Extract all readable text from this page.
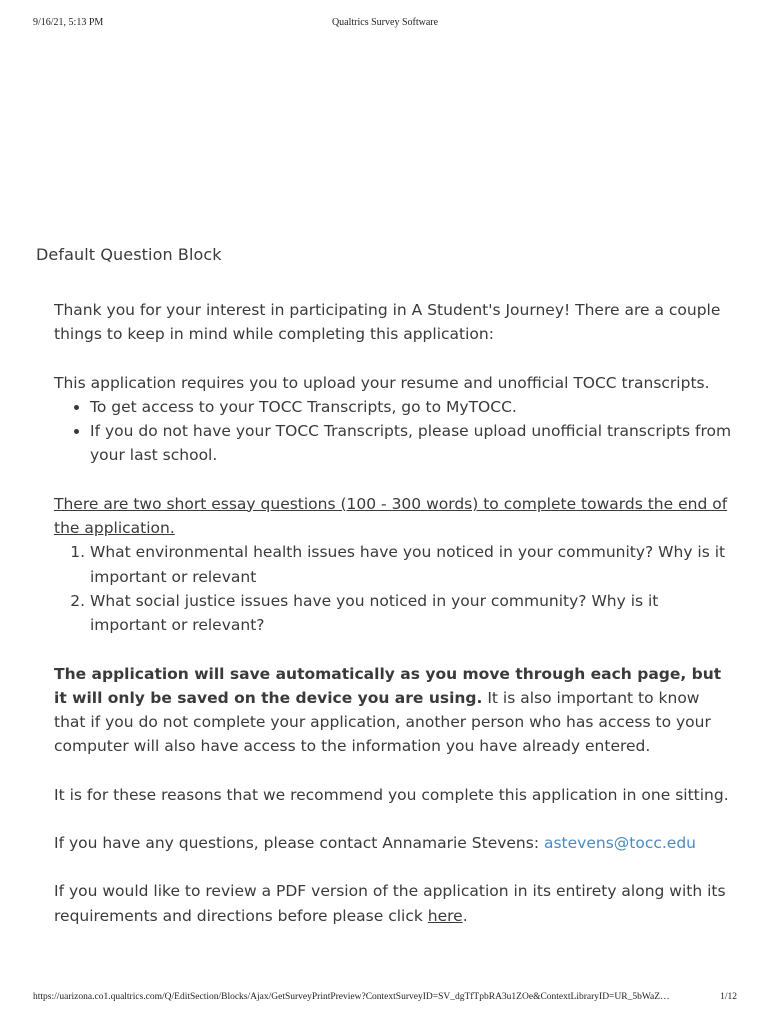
9/16/21, 5:13 PM	Qualtrics Survey Software
Default Question Block

Thank you for your interest in participating in A Student's Journey! There are a couple things to keep in mind while completing this application:

This application requires you to upload your resume and unofficial TOCC transcripts.

• To get access to your TOCC Transcripts, go to MyTOCC.
• If you do not have your TOCC Transcripts, please upload unofficial transcripts from your last school.

There are two short essay questions (100 - 300 words) to complete towards the end of the application.

1. What environmental health issues have you noticed in your community? Why is it important or relevant
2. What social justice issues have you noticed in your community? Why is it important or relevant?

The application will save automatically as you move through each page, but it will only be saved on the device you are using. It is also important to know that if you do not complete your application, another person who has access to your computer will also have access to the information you have already entered.

It is for these reasons that we recommend you complete this application in one sitting.

If you have any questions, please contact Annamarie Stevens: astevens@tocc.edu

If you would like to review a PDF version of the application in its entirety along with its requirements and directions before please click here.

https://uarizona.co1.qualtrics.com/Q/EditSection/Blocks/Ajax/GetSurveyPrintPreview?ContextSurveyID=SV_dgTfTpbRA3u1ZOe&ContextLibraryID=UR_5bWaZ…	1/12
